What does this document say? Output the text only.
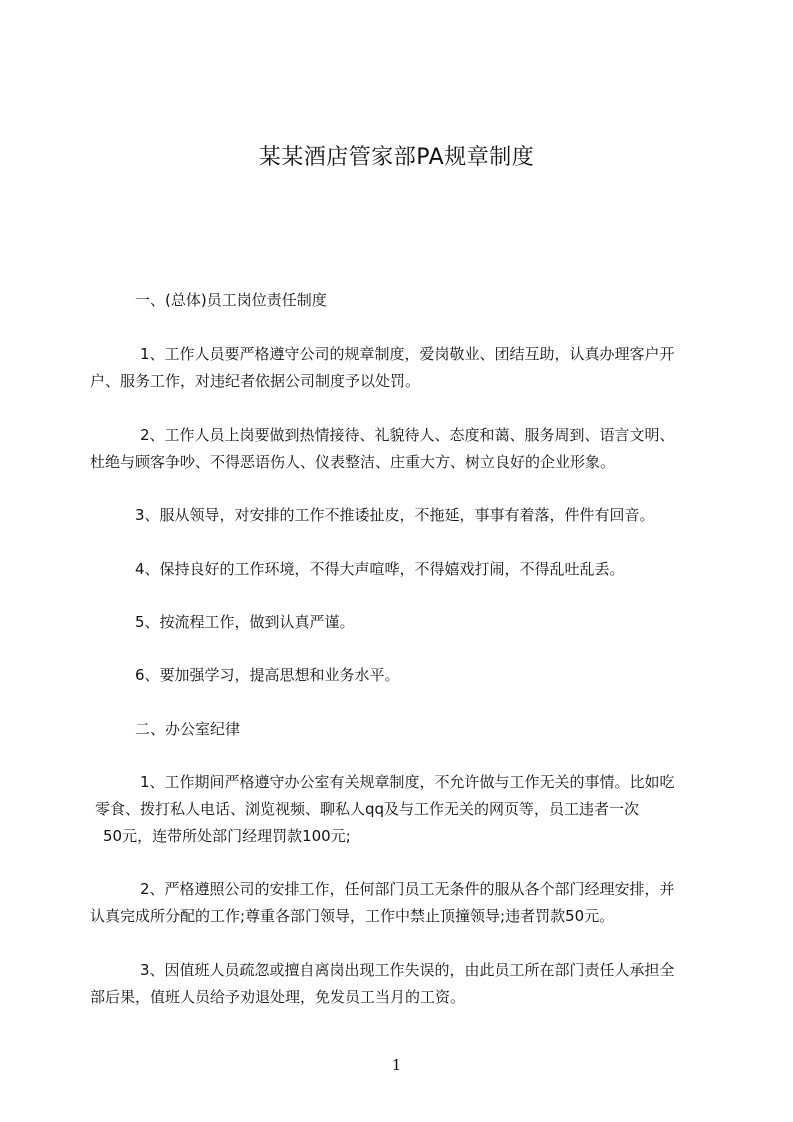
某某酒店管家部PA规章制度
一、(总体)员工岗位责任制度
1、工作人员要严格遵守公司的规章制度，爱岗敬业、团结互助，认真办理客户开
户、服务工作，对违纪者依据公司制度予以处罚。
2、工作人员上岗要做到热情接待、礼貌待人、态度和蔼、服务周到、语言文明、
杜绝与顾客争吵、不得恶语伤人、仪表整洁、庄重大方、树立良好的企业形象。
3、服从领导，对安排的工作不推诿扯皮，不拖延，事事有着落，件件有回音。
4、保持良好的工作环境，不得大声喧哗，不得嬉戏打闹，不得乱吐乱丢。
5、按流程工作，做到认真严谨。
6、要加强学习，提高思想和业务水平。
二、办公室纪律
1、工作期间严格遵守办公室有关规章制度，不允许做与工作无关的事情。比如吃
零食、拨打私人电话、浏览视频、聊私人qq及与工作无关的网页等，员工违者一次
50元，连带所处部门经理罚款100元;
2、严格遵照公司的安排工作，任何部门员工无条件的服从各个部门经理安排，并
认真完成所分配的工作;尊重各部门领导，工作中禁止顶撞领导;违者罚款50元。
3、因值班人员疏忽或擅自离岗出现工作失误的，由此员工所在部门责任人承担全
部后果，值班人员给予劝退处理，免发员工当月的工资。
1
